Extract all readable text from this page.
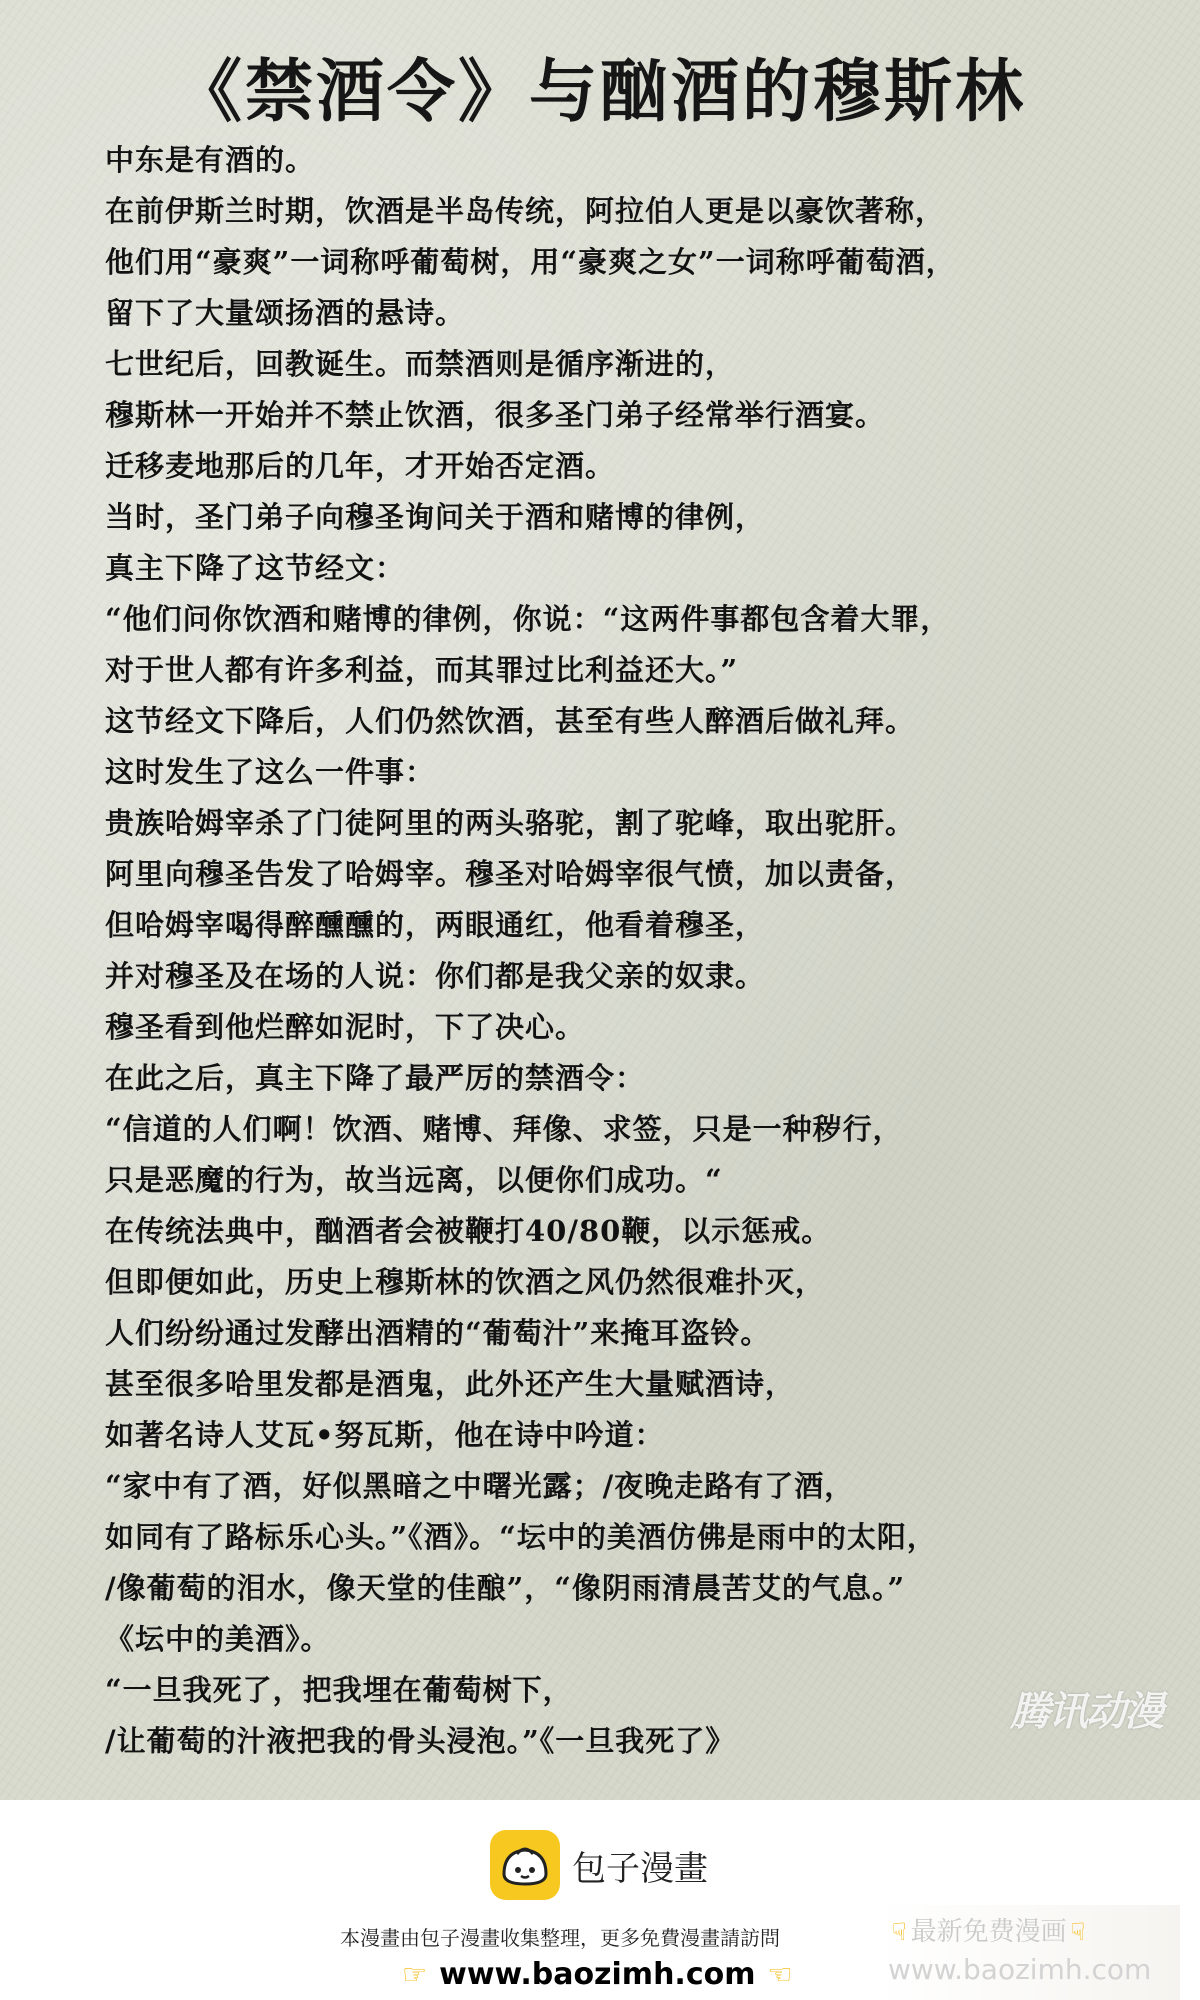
《禁酒令》与酗酒的穆斯林

中东是有酒的。

在前伊斯兰时期，饮酒是半岛传统，阿拉伯人更是以豪饮著称，

他们用“豪爽”一词称呼葡萄树，用“豪爽之女”一词称呼葡萄酒，

留下了大量颂扬酒的悬诗。

七世纪后，回教诞生。而禁酒则是循序渐进的，

穆斯林一开始并不禁止饮酒，很多圣门弟子经常举行酒宴。

迁移麦地那后的几年，才开始否定酒。

当时，圣门弟子向穆圣询问关于酒和赌博的律例，

真主下降了这节经文：

“他们问你饮酒和赌博的律例，你说：“这两件事都包含着大罪，

对于世人都有许多利益，而其罪过比利益还大。”

这节经文下降后，人们仍然饮酒，甚至有些人醉酒后做礼拜。

这时发生了这么一件事：

贵族哈姆宰杀了门徒阿里的两头骆驼，割了驼峰，取出驼肝。

阿里向穆圣告发了哈姆宰。穆圣对哈姆宰很气愤，加以责备，

但哈姆宰喝得醉醺醺的，两眼通红，他看着穆圣，

并对穆圣及在场的人说：你们都是我父亲的奴隶。

穆圣看到他烂醉如泥时，下了决心。

在此之后，真主下降了最严厉的禁酒令：

“信道的人们啊！饮酒、赌博、拜像、求签，只是一种秽行，

只是恶魔的行为，故当远离，以便你们成功。“

在传统法典中，酗酒者会被鞭打40/80鞭，以示惩戒。

但即便如此，历史上穆斯林的饮酒之风仍然很难扑灭，

人们纷纷通过发酵出酒精的“葡萄汁”来掩耳盗铃。

甚至很多哈里发都是酒鬼，此外还产生大量赋酒诗，

如著名诗人艾瓦•努瓦斯，他在诗中吟道：

“家中有了酒，好似黑暗之中曙光露；/夜晚走路有了酒，

如同有了路标乐心头。”《酒》。“坛中的美酒仿佛是雨中的太阳，

/像葡萄的泪水，像天堂的佳酿”，“像阴雨清晨苦艾的气息。”

《坛中的美酒》。

“一旦我死了，把我埋在葡萄树下，

/让葡萄的汁液把我的骨头浸泡。”《一旦我死了》

腾讯动漫
包子漫畫
本漫畫由包子漫畫收集整理，更多免費漫畫請訪問
☞ www.baozimh.com ☜
☟ 最新免费漫画 ☟
www.baozimh.com
